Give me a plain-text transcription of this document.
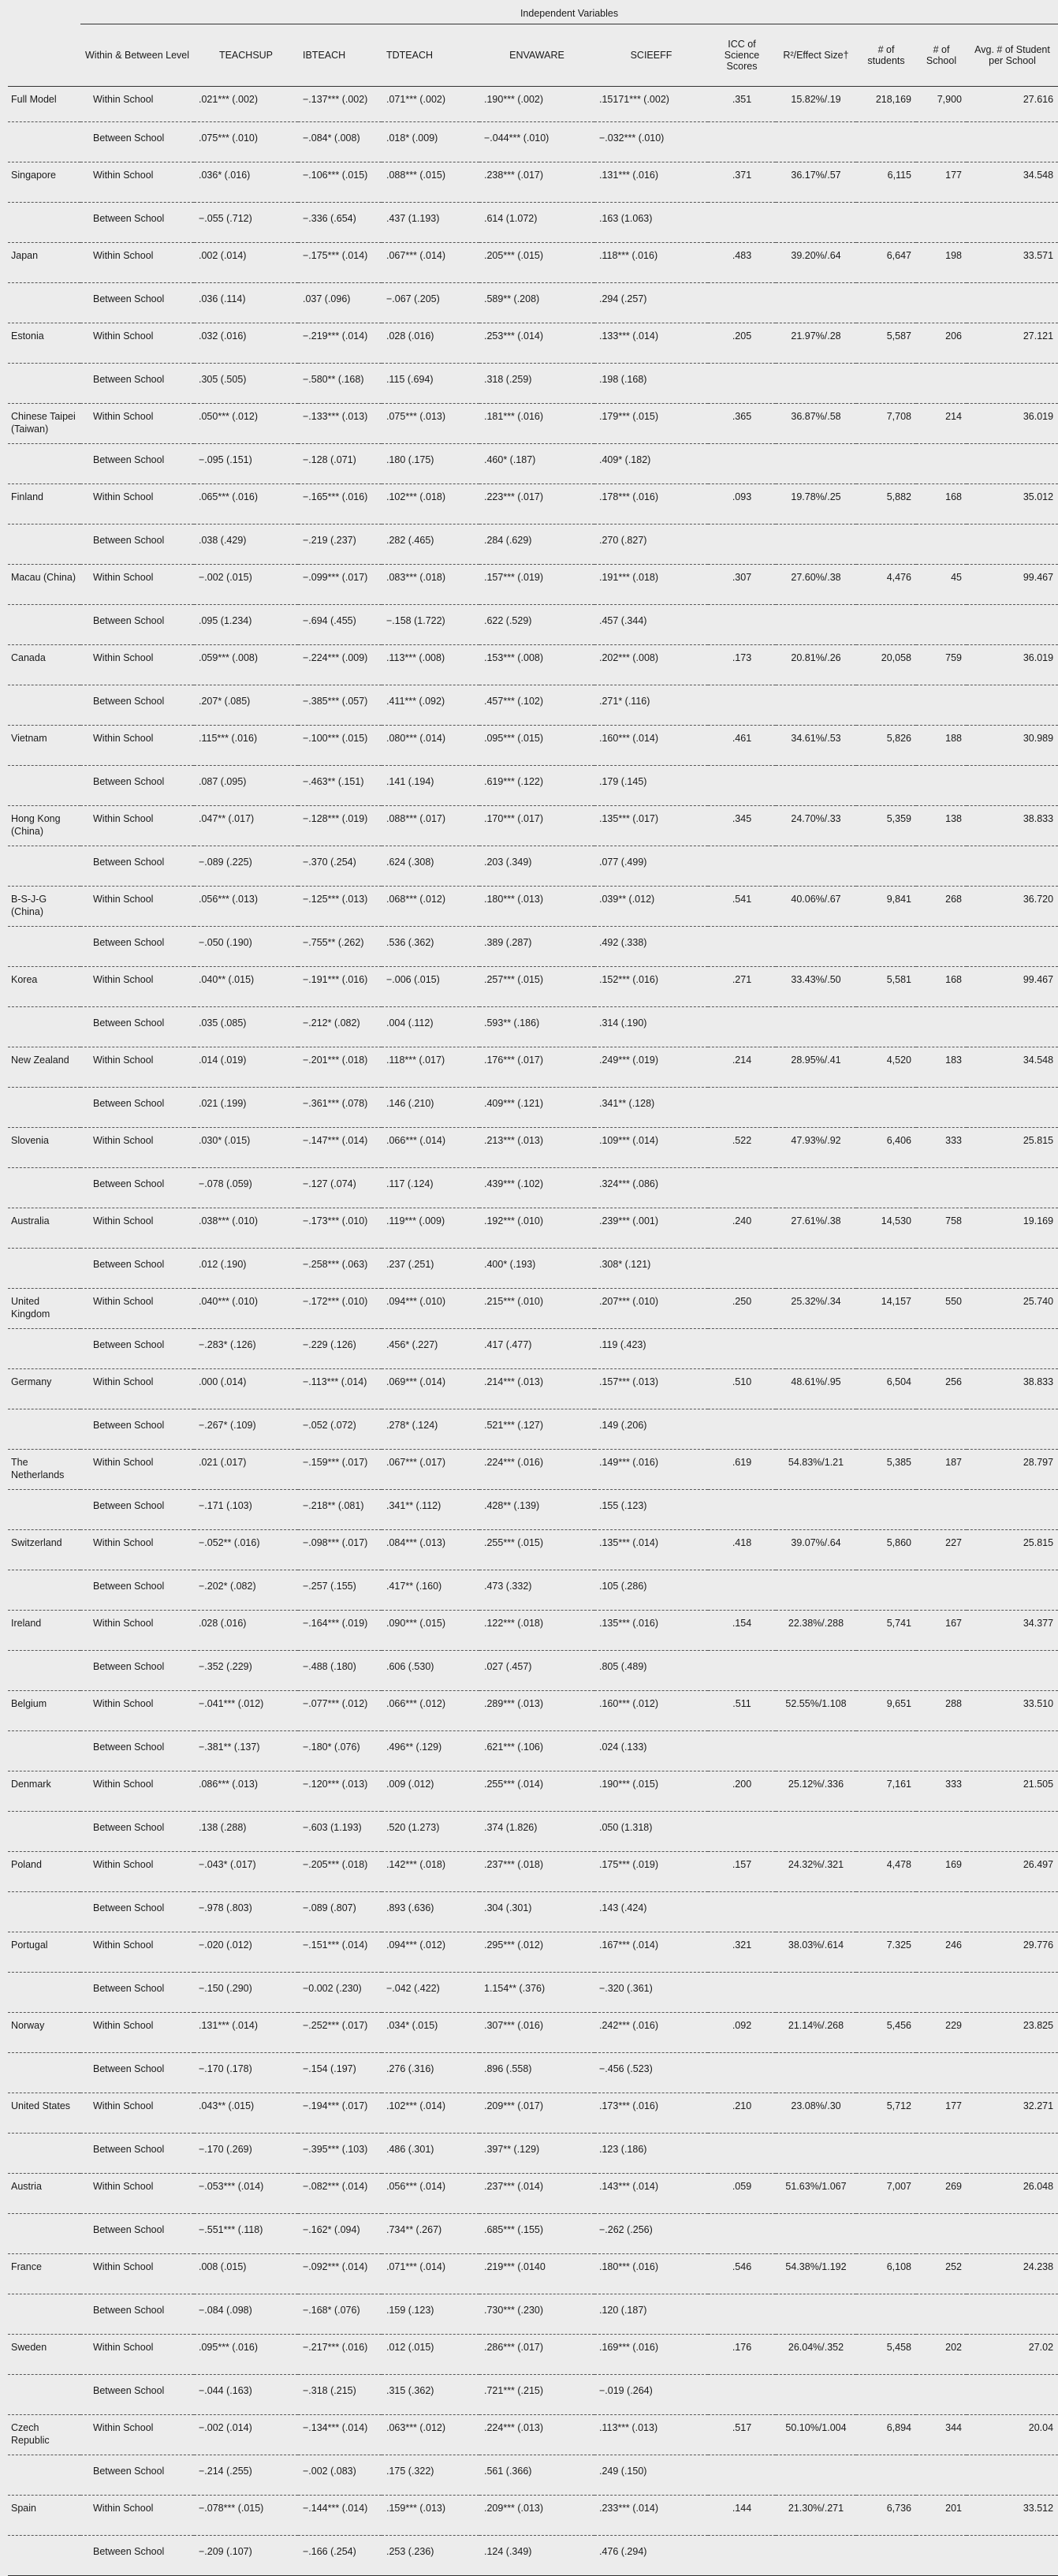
	Independent Variables										
	Within & Between Level	TEACHSUP	IBTEACH	TDTEACH	ENVAWARE	SCIEEFF	ICC of Science Scores	R²/Effect Size†	# of students	# of School	Avg. # of Student per School
Full Model	Within School	.021*** (.002)	−.137*** (.002)	.071*** (.002)	.190*** (.002)	.15171*** (.002)	.351	15.82%/.19	218,169	7,900	27.616
	Between School	.075*** (.010)	−.084* (.008)	.018* (.009)	−.044*** (.010)	−.032*** (.010)					
Singapore	Within School	.036* (.016)	−.106*** (.015)	.088*** (.015)	.238*** (.017)	.131*** (.016)	.371	36.17%/.57	6,115	177	34.548
	Between School	−.055 (.712)	−.336 (.654)	.437 (1.193)	.614 (1.072)	.163 (1.063)					
Japan	Within School	.002 (.014)	−.175*** (.014)	.067*** (.014)	.205*** (.015)	.118*** (.016)	.483	39.20%/.64	6,647	198	33.571
	Between School	.036 (.114)	.037 (.096)	−.067 (.205)	.589** (.208)	.294 (.257)					
Estonia	Within School	.032 (.016)	−.219*** (.014)	.028 (.016)	.253*** (.014)	.133*** (.014)	.205	21.97%/.28	5,587	206	27.121
	Between School	.305 (.505)	−.580** (.168)	.115 (.694)	.318 (.259)	.198 (.168)					
Chinese Taipei (Taiwan)	Within School	.050*** (.012)	−.133*** (.013)	.075*** (.013)	.181*** (.016)	.179*** (.015)	.365	36.87%/.58	7,708	214	36.019
	Between School	−.095 (.151)	−.128 (.071)	.180 (.175)	.460* (.187)	.409* (.182)					
Finland	Within School	.065*** (.016)	−.165*** (.016)	.102*** (.018)	.223*** (.017)	.178*** (.016)	.093	19.78%/.25	5,882	168	35.012
	Between School	.038 (.429)	−.219 (.237)	.282 (.465)	.284 (.629)	.270 (.827)					
Macau (China)	Within School	−.002 (.015)	−.099*** (.017)	.083*** (.018)	.157*** (.019)	.191*** (.018)	.307	27.60%/.38	4,476	45	99.467
	Between School	.095 (1.234)	−.694 (.455)	−.158 (1.722)	.622 (.529)	.457 (.344)					
Canada	Within School	.059*** (.008)	−.224*** (.009)	.113*** (.008)	.153*** (.008)	.202*** (.008)	.173	20.81%/.26	20,058	759	36.019
	Between School	.207* (.085)	−.385*** (.057)	.411*** (.092)	.457*** (.102)	.271* (.116)					
Vietnam	Within School	.115*** (.016)	−.100*** (.015)	.080*** (.014)	.095*** (.015)	.160*** (.014)	.461	34.61%/.53	5,826	188	30.989
	Between School	.087 (.095)	−.463** (.151)	.141 (.194)	.619*** (.122)	.179 (.145)					
Hong Kong (China)	Within School	.047** (.017)	−.128*** (.019)	.088*** (.017)	.170*** (.017)	.135*** (.017)	.345	24.70%/.33	5,359	138	38.833
	Between School	−.089 (.225)	−.370 (.254)	.624 (.308)	.203 (.349)	.077 (.499)					
B-S-J-G (China)	Within School	.056*** (.013)	−.125*** (.013)	.068*** (.012)	.180*** (.013)	.039** (.012)	.541	40.06%/.67	9,841	268	36.720
	Between School	−.050 (.190)	−.755** (.262)	.536 (.362)	.389 (.287)	.492 (.338)					
Korea	Within School	.040** (.015)	−.191*** (.016)	−.006 (.015)	.257*** (.015)	.152*** (.016)	.271	33.43%/.50	5,581	168	99.467
	Between School	.035 (.085)	−.212* (.082)	.004 (.112)	.593** (.186)	.314 (.190)					
New Zealand	Within School	.014 (.019)	−.201*** (.018)	.118*** (.017)	.176*** (.017)	.249*** (.019)	.214	28.95%/.41	4,520	183	34.548
	Between School	.021 (.199)	−.361*** (.078)	.146 (.210)	.409*** (.121)	.341** (.128)					
Slovenia	Within School	.030* (.015)	−.147*** (.014)	.066*** (.014)	.213*** (.013)	.109*** (.014)	.522	47.93%/.92	6,406	333	25.815
	Between School	−.078 (.059)	−.127 (.074)	.117 (.124)	.439*** (.102)	.324*** (.086)					
Australia	Within School	.038*** (.010)	−.173*** (.010)	.119*** (.009)	.192*** (.010)	.239*** (.001)	.240	27.61%/.38	14,530	758	19.169
	Between School	.012 (.190)	−.258*** (.063)	.237 (.251)	.400* (.193)	.308* (.121)					
United Kingdom	Within School	.040*** (.010)	−.172*** (.010)	.094*** (.010)	.215*** (.010)	.207*** (.010)	.250	25.32%/.34	14,157	550	25.740
	Between School	−.283* (.126)	−.229 (.126)	.456* (.227)	.417 (.477)	.119 (.423)					
Germany	Within School	.000 (.014)	−.113*** (.014)	.069*** (.014)	.214*** (.013)	.157*** (.013)	.510	48.61%/.95	6,504	256	38.833
	Between School	−.267* (.109)	−.052 (.072)	.278* (.124)	.521*** (.127)	.149 (.206)					
The Netherlands	Within School	.021 (.017)	−.159*** (.017)	.067*** (.017)	.224*** (.016)	.149*** (.016)	.619	54.83%/1.21	5,385	187	28.797
	Between School	−.171 (.103)	−.218** (.081)	.341** (.112)	.428** (.139)	.155 (.123)					
Switzerland	Within School	−.052** (.016)	−.098*** (.017)	.084*** (.013)	.255*** (.015)	.135*** (.014)	.418	39.07%/.64	5,860	227	25.815
	Between School	−.202* (.082)	−.257 (.155)	.417** (.160)	.473 (.332)	.105 (.286)					
Ireland	Within School	.028 (.016)	−.164*** (.019)	.090*** (.015)	.122*** (.018)	.135*** (.016)	.154	22.38%/.288	5,741	167	34.377
	Between School	−.352 (.229)	−.488 (.180)	.606 (.530)	.027 (.457)	.805 (.489)					
Belgium	Within School	−.041*** (.012)	−.077*** (.012)	.066*** (.012)	.289*** (.013)	.160*** (.012)	.511	52.55%/1.108	9,651	288	33.510
	Between School	−.381** (.137)	−.180* (.076)	.496** (.129)	.621*** (.106)	.024 (.133)					
Denmark	Within School	.086*** (.013)	−.120*** (.013)	.009 (.012)	.255*** (.014)	.190*** (.015)	.200	25.12%/.336	7,161	333	21.505
	Between School	.138 (.288)	−.603 (1.193)	.520 (1.273)	.374 (1.826)	.050 (1.318)					
Poland	Within School	−.043* (.017)	−.205*** (.018)	.142*** (.018)	.237*** (.018)	.175*** (.019)	.157	24.32%/.321	4,478	169	26.497
	Between School	−.978 (.803)	−.089 (.807)	.893 (.636)	.304 (.301)	.143 (.424)					
Portugal	Within School	−.020 (.012)	−.151*** (.014)	.094*** (.012)	.295*** (.012)	.167*** (.014)	.321	38.03%/.614	7.325	246	29.776
	Between School	−.150 (.290)	−0.002 (.230)	−.042 (.422)	1.154** (.376)	−.320 (.361)					
Norway	Within School	.131*** (.014)	−.252*** (.017)	.034* (.015)	.307*** (.016)	.242*** (.016)	.092	21.14%/.268	5,456	229	23.825
	Between School	−.170 (.178)	−.154 (.197)	.276 (.316)	.896 (.558)	−.456 (.523)					
United States	Within School	.043** (.015)	−.194*** (.017)	.102*** (.014)	.209*** (.017)	.173*** (.016)	.210	23.08%/.30	5,712	177	32.271
	Between School	−.170 (.269)	−.395*** (.103)	.486 (.301)	.397** (.129)	.123 (.186)					
Austria	Within School	−.053*** (.014)	−.082*** (.014)	.056*** (.014)	.237*** (.014)	.143*** (.014)	.059	51.63%/1.067	7,007	269	26.048
	Between School	−.551*** (.118)	−.162* (.094)	.734** (.267)	.685*** (.155)	−.262 (.256)					
France	Within School	.008 (.015)	−.092*** (.014)	.071*** (.014)	.219*** (.0140	.180*** (.016)	.546	54.38%/1.192	6,108	252	24.238
	Between School	−.084 (.098)	−.168* (.076)	.159 (.123)	.730*** (.230)	.120 (.187)					
Sweden	Within School	.095*** (.016)	−.217*** (.016)	.012 (.015)	.286*** (.017)	.169*** (.016)	.176	26.04%/.352	5,458	202	27.02
	Between School	−.044 (.163)	−.318 (.215)	.315 (.362)	.721*** (.215)	−.019 (.264)					
Czech Republic	Within School	−.002 (.014)	−.134*** (.014)	.063*** (.012)	.224*** (.013)	.113*** (.013)	.517	50.10%/1.004	6,894	344	20.04
	Between School	−.214 (.255)	−.002 (.083)	.175 (.322)	.561 (.366)	.249 (.150)					
Spain	Within School	−.078*** (.015)	−.144*** (.014)	.159*** (.013)	.209*** (.013)	.233*** (.014)	.144	21.30%/.271	6,736	201	33.512
	Between School	−.209 (.107)	−.166 (.254)	.253 (.236)	.124 (.349)	.476 (.294)					
